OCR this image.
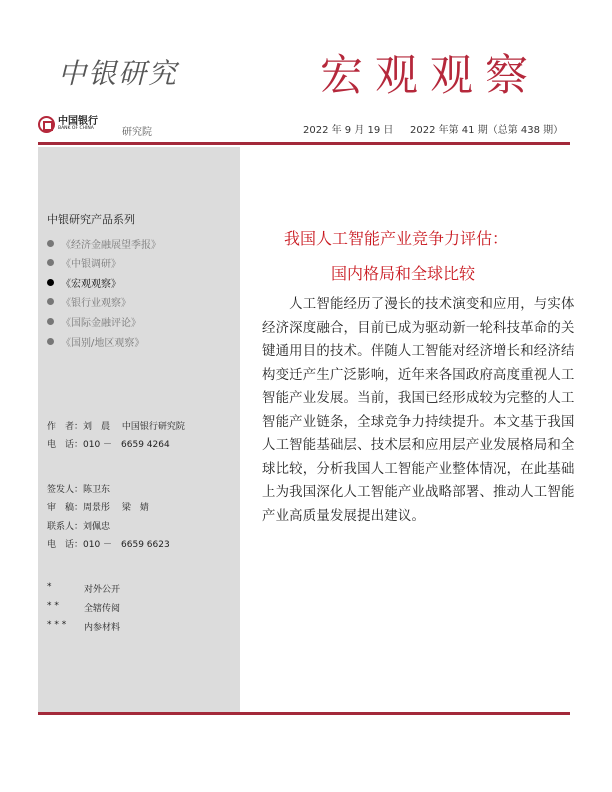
中银研究	宏观观察
中国银行
BANK OF CHINA	研究院	2022 年 9 月 19 日 2022 年第 41 期（总第 438 期）
中银研究产品系列
《经济金融展望季报》
《中银调研》
《宏观观察》
《银行业观察》
《国际金融评论》
《国别/地区观察》
作　者：刘　晨　 中国银行研究院
电　话：010 －　6659 4264
签发人：陈卫东
审　稿：周景彤　 梁　婧
联系人：刘佩忠
电　话：010 －　6659 6623
*	对外公开
* *	全辖传阅
* * * 内参材料
我国人工智能产业竞争力评估：
国内格局和全球比较
　　人工智能经历了漫长的技术演变和应用，与实体
经济深度融合，目前已成为驱动新一轮科技革命的关
键通用目的技术。伴随人工智能对经济增长和经济结
构变迁产生广泛影响，近年来各国政府高度重视人工
智能产业发展。当前，我国已经形成较为完整的人工
智能产业链条，全球竞争力持续提升。本文基于我国
人工智能基础层、技术层和应用层产业发展格局和全
球比较，分析我国人工智能产业整体情况，在此基础
上为我国深化人工智能产业战略部署、推动人工智能
产业高质量发展提出建议。
